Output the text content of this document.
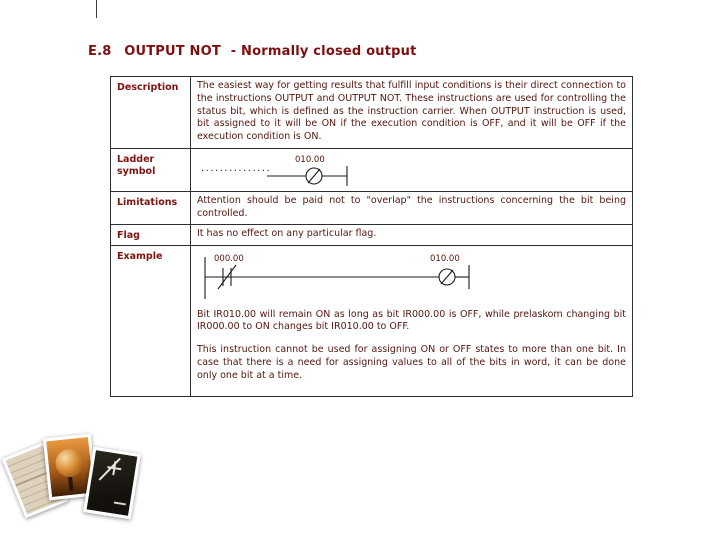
E.8 OUTPUT NOT - Normally closed output
Description	The easiest way for getting results that fulfill input conditions is their direct connection to the instructions OUTPUT and OUTPUT NOT. These instructions are used for controlling the status bit, which is defined as the instruction carrier. When OUTPUT instruction is used, bit assigned to it will be ON if the execution condition is OFF, and it will be OFF if the execution condition is ON.

Ladder symbol	...............
010.00

Limitations	Attention should be paid not to "overlap" the instructions concerning the bit being controlled.

Flag	It has no effect on any particular flag.

Example	000.00 010.00

Bit IR010.00 will remain ON as long as bit IR000.00 is OFF, while prelaskom changing bit IR000.00 to ON changes bit IR010.00 to OFF.

This instruction cannot be used for assigning ON or OFF states to more than one bit. In case that there is a need for assigning values to all of the bits in word, it can be done only one bit at a time.
